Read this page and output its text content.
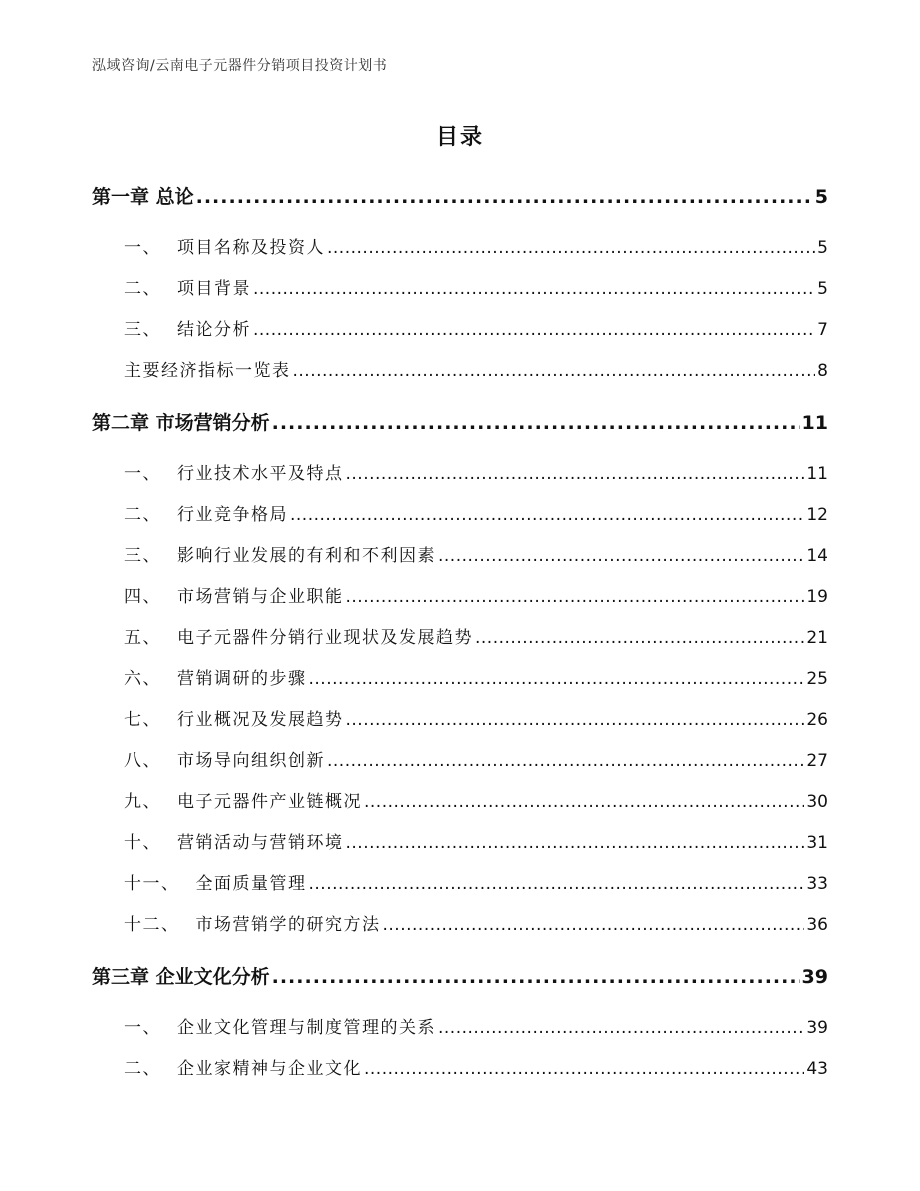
泓域咨询/云南电子元器件分销项目投资计划书
目录
第一章 总论 .....	5
一、 项目名称及投资人 .....	5
二、 项目背景 .....	5
三、 结论分析 .....	7
主要经济指标一览表 .....	8
第二章 市场营销分析 .....	11
一、 行业技术水平及特点 .....	11
二、 行业竞争格局 .....	12
三、 影响行业发展的有利和不利因素 .....	14
四、 市场营销与企业职能 .....	19
五、 电子元器件分销行业现状及发展趋势 .....	21
六、 营销调研的步骤 .....	25
七、 行业概况及发展趋势 .....	26
八、 市场导向组织创新 .....	27
九、 电子元器件产业链概况 .....	30
十、 营销活动与营销环境 .....	31
十一、 全面质量管理 .....	33
十二、 市场营销学的研究方法 .....	36
第三章 企业文化分析 .....	39
一、 企业文化管理与制度管理的关系 .....	39
二、 企业家精神与企业文化 .....	43
